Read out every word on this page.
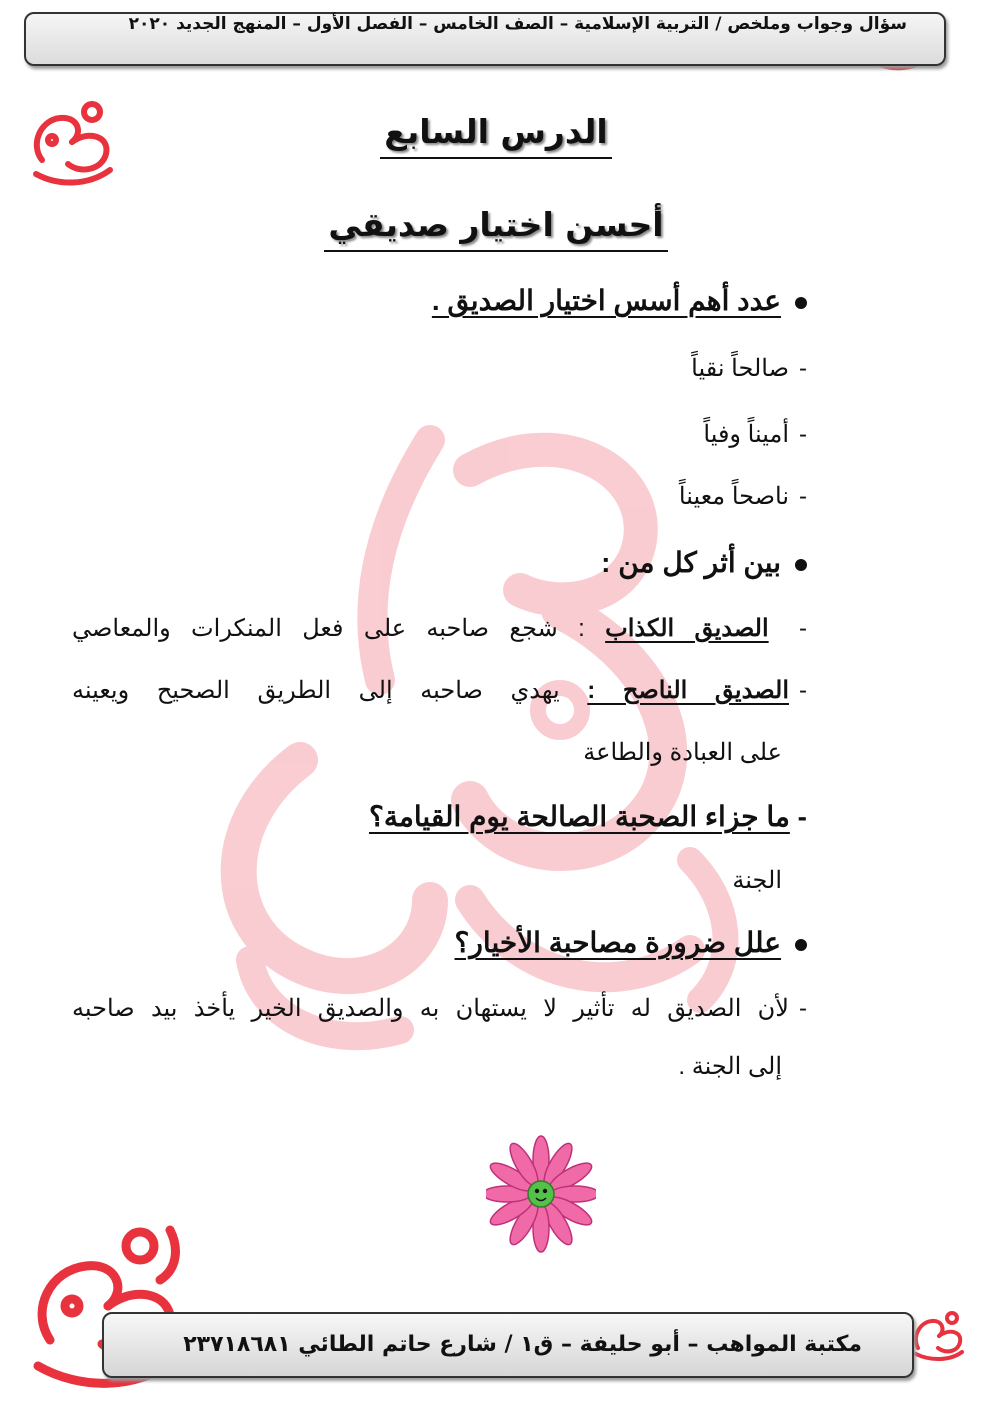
سؤال وجواب وملخص / التربية الإسلامية – الصف الخامس – الفصل الأول – المنهج الجديد ٢٠٢٠
الدرس السابع
أحسن اختيار صديقي
عدد أهم أسس اختيار الصديق .
-صالحاً نقياً
-أميناً وفياً
-ناصحاً معيناً
بين أثر كل من :
- الصديق الكذاب : شجع صاحبه على فعل المنكرات والمعاصي
-الصديق الناصح : يهدي صاحبه إلى الطريق الصحيح ويعينه
على العبادة والطاعة
- ما جزاء الصحبة الصالحة يوم القيامة؟
الجنة
علل ضرورة مصاحبة الأخيار؟
-لأن الصديق له تأثير لا يستهان به والصديق الخير يأخذ بيد صاحبه
إلى الجنة .
مكتبة المواهب – أبو حليفة – ق١ / شارع حاتم الطائي ٢٣٧١٨٦٨١
